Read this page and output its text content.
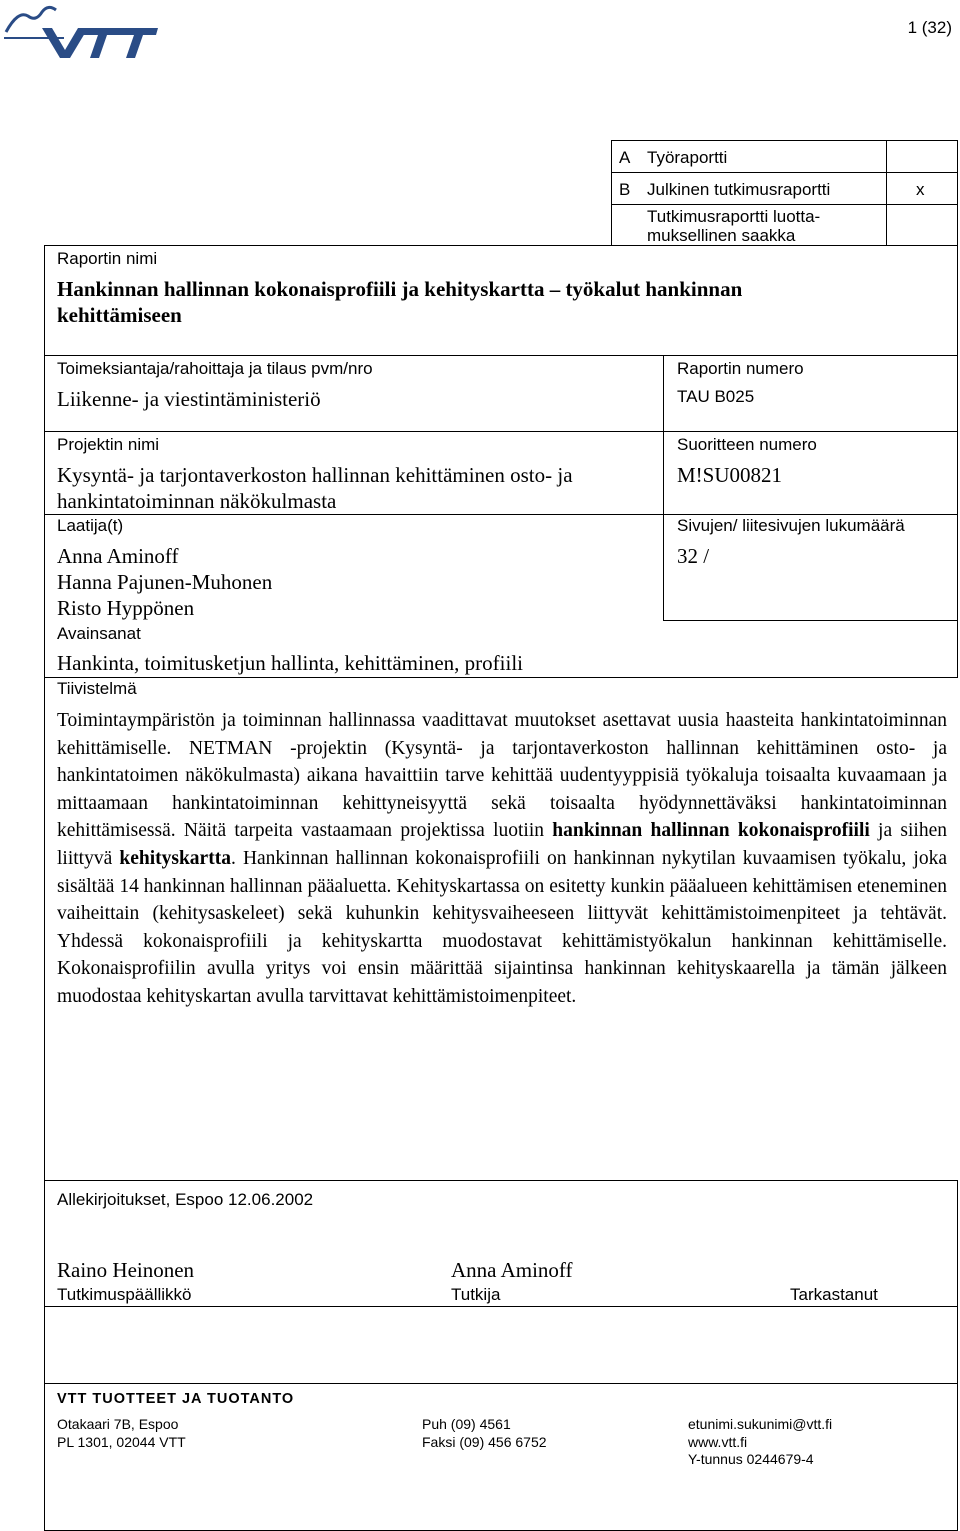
1 (32)
A Työraportti
B Julkinen tutkimusraportti	x
Tutkimusraportti luotta-
muksellinen saakka
Raportin nimi
Hankinnan hallinnan kokonaisprofiili ja kehityskartta – työkalut hankinnan
kehittämiseen
Toimeksiantaja/rahoittaja ja tilaus pvm/nro
Liikenne- ja viestintäministeriö
Raportin numero
TAU B025
Projektin nimi
Kysyntä- ja tarjontaverkoston hallinnan kehittäminen osto- ja
hankintatoiminnan näkökulmasta
Suoritteen numero
M!SU00821
Laatija(t)
Anna Aminoff
Hanna Pajunen-Muhonen
Risto Hyppönen
Sivujen/ liitesivujen lukumäärä
32 /
Avainsanat
Hankinta, toimitusketjun hallinta, kehittäminen, profiili
Tiivistelmä
Toimintaympäristön ja toiminnan hallinnassa vaadittavat muutokset asettavat uusia haasteita hankintatoiminnan kehittämiselle. NETMAN -projektin (Kysyntä- ja tarjontaverkoston hallinnan kehittäminen osto- ja hankintatoimen näkökulmasta) aikana havaittiin tarve kehittää uudentyyppisiä työkaluja toisaalta kuvaamaan ja mittaamaan hankintatoiminnan kehittyneisyyttä sekä toisaalta hyödynnettäväksi hankintatoiminnan kehittämisessä. Näitä tarpeita vastaamaan projektissa luotiin hankinnan hallinnan kokonaisprofiili ja siihen liittyvä kehityskartta. Hankinnan hallinnan kokonaisprofiili on hankinnan nykytilan kuvaamisen työkalu, joka sisältää 14 hankinnan hallinnan pääaluetta. Kehityskartassa on esitetty kunkin pääalueen kehittämisen eteneminen vaiheittain (kehitysaskeleet) sekä kuhunkin kehitysvaiheeseen liittyvät kehittämistoimenpiteet ja tehtävät. Yhdessä kokonaisprofiili ja kehityskartta muodostavat kehittämistyökalun hankinnan kehittämiselle. Kokonaisprofiilin avulla yritys voi ensin määrittää sijaintinsa hankinnan kehityskaarella ja tämän jälkeen muodostaa kehityskartan avulla tarvittavat kehittämistoimenpiteet.
Allekirjoitukset, Espoo 12.06.2002
Raino Heinonen
Tutkimuspäällikkö
Anna Aminoff
Tutkija	Tarkastanut
VTT TUOTTEET JA TUOTANTO
Otakaari 7B, Espoo
PL 1301, 02044 VTT
Puh (09) 4561
Faksi (09) 456 6752
etunimi.sukunimi@vtt.fi
www.vtt.fi
Y-tunnus 0244679-4
